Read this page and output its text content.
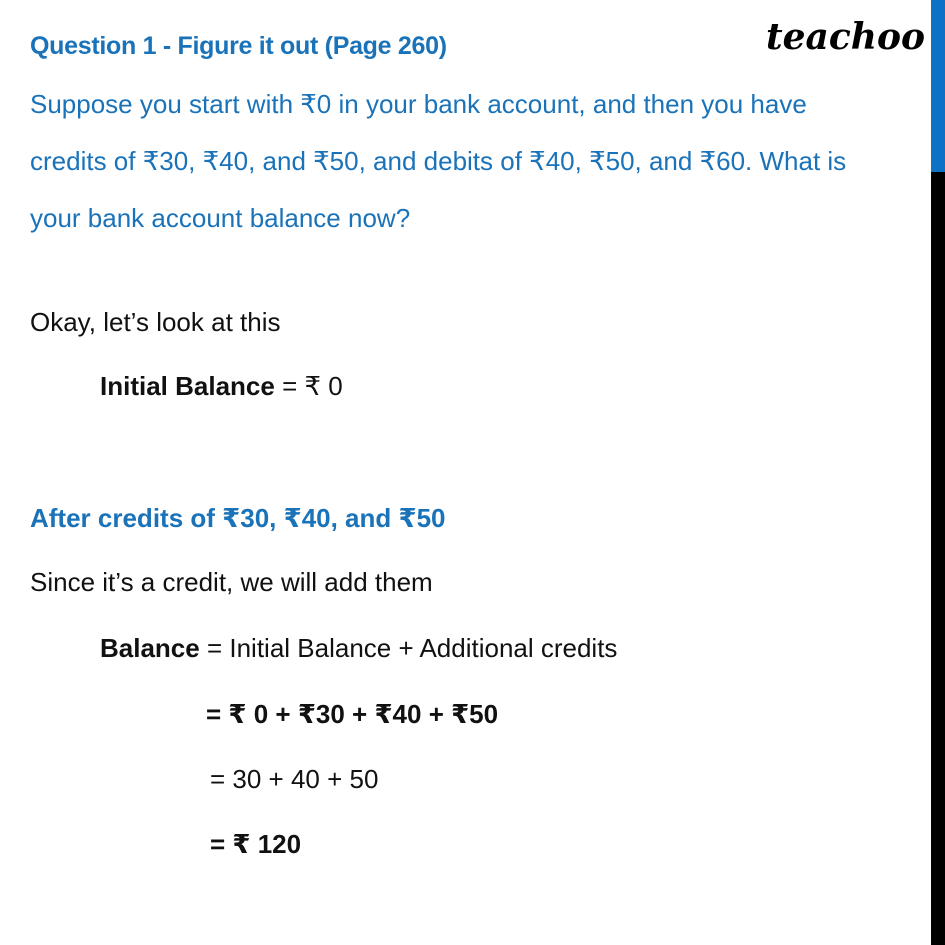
teachoo
Question 1 - Figure it out (Page 260)
Suppose you start with ₹0 in your bank account, and then you have
credits of ₹30, ₹40, and ₹50, and debits of ₹40, ₹50, and ₹60. What is
your bank account balance now?
Okay, let’s look at this
Initial Balance = ₹ 0
After credits of ₹30, ₹40, and ₹50
Since it’s a credit, we will add them
Balance = Initial Balance + Additional credits
= ₹ 0 + ₹30 + ₹40 + ₹50
= 30 + 40 + 50
= ₹ 120
